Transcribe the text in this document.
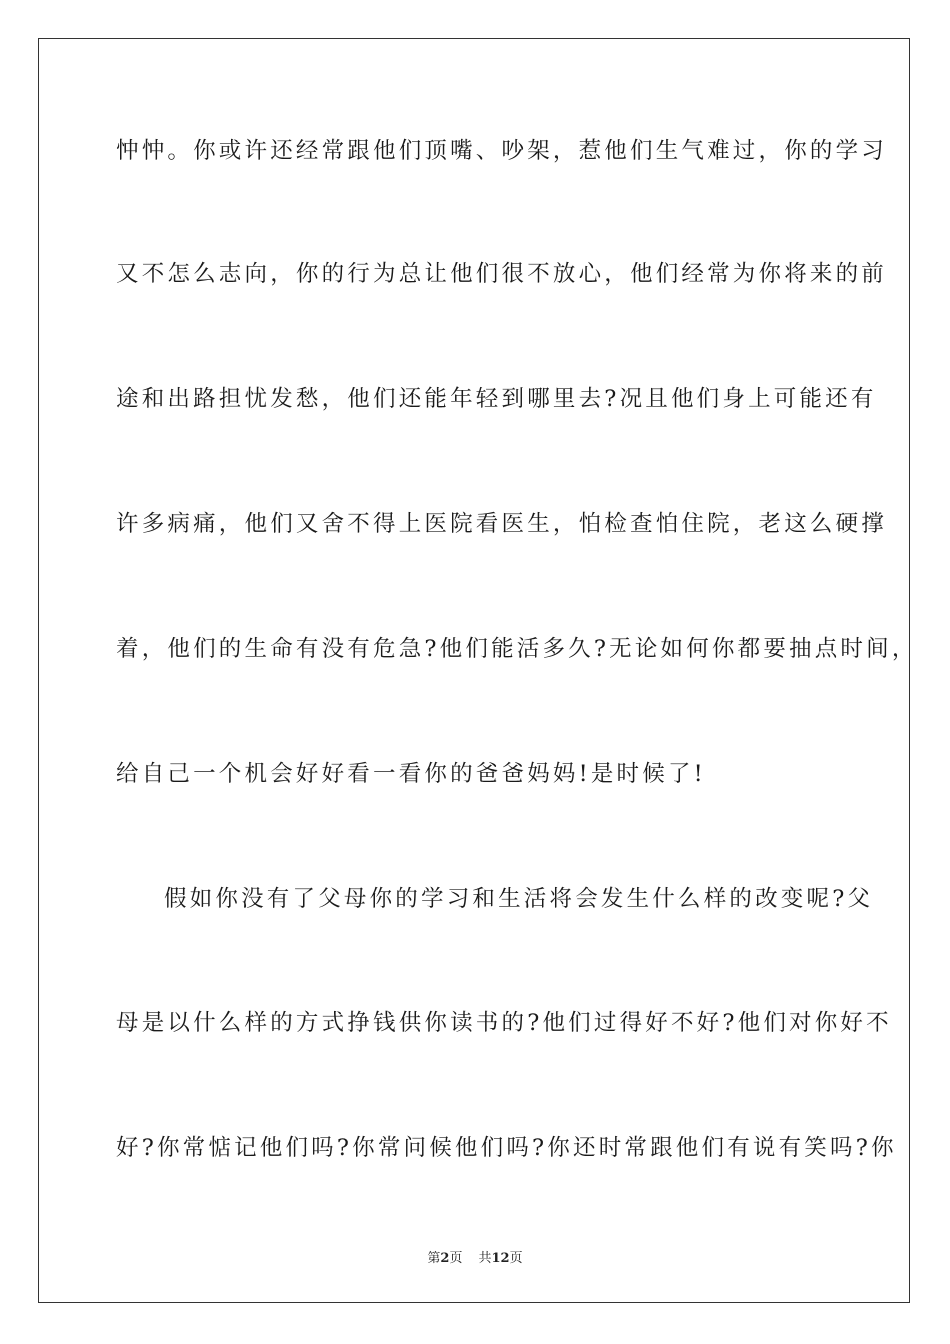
忡忡。你或许还经常跟他们顶嘴、吵架，惹他们生气难过，你的学习
又不怎么志向，你的行为总让他们很不放心，他们经常为你将来的前
途和出路担忧发愁，他们还能年轻到哪里去?况且他们身上可能还有
许多病痛，他们又舍不得上医院看医生，怕检查怕住院，老这么硬撑
着，他们的生命有没有危急?他们能活多久?无论如何你都要抽点时间，
给自己一个机会好好看一看你的爸爸妈妈!是时候了!
假如你没有了父母你的学习和生活将会发生什么样的改变呢?父
母是以什么样的方式挣钱供你读书的?他们过得好不好?他们对你好不
好?你常惦记他们吗?你常问候他们吗?你还时常跟他们有说有笑吗?你
第2页 共12页
